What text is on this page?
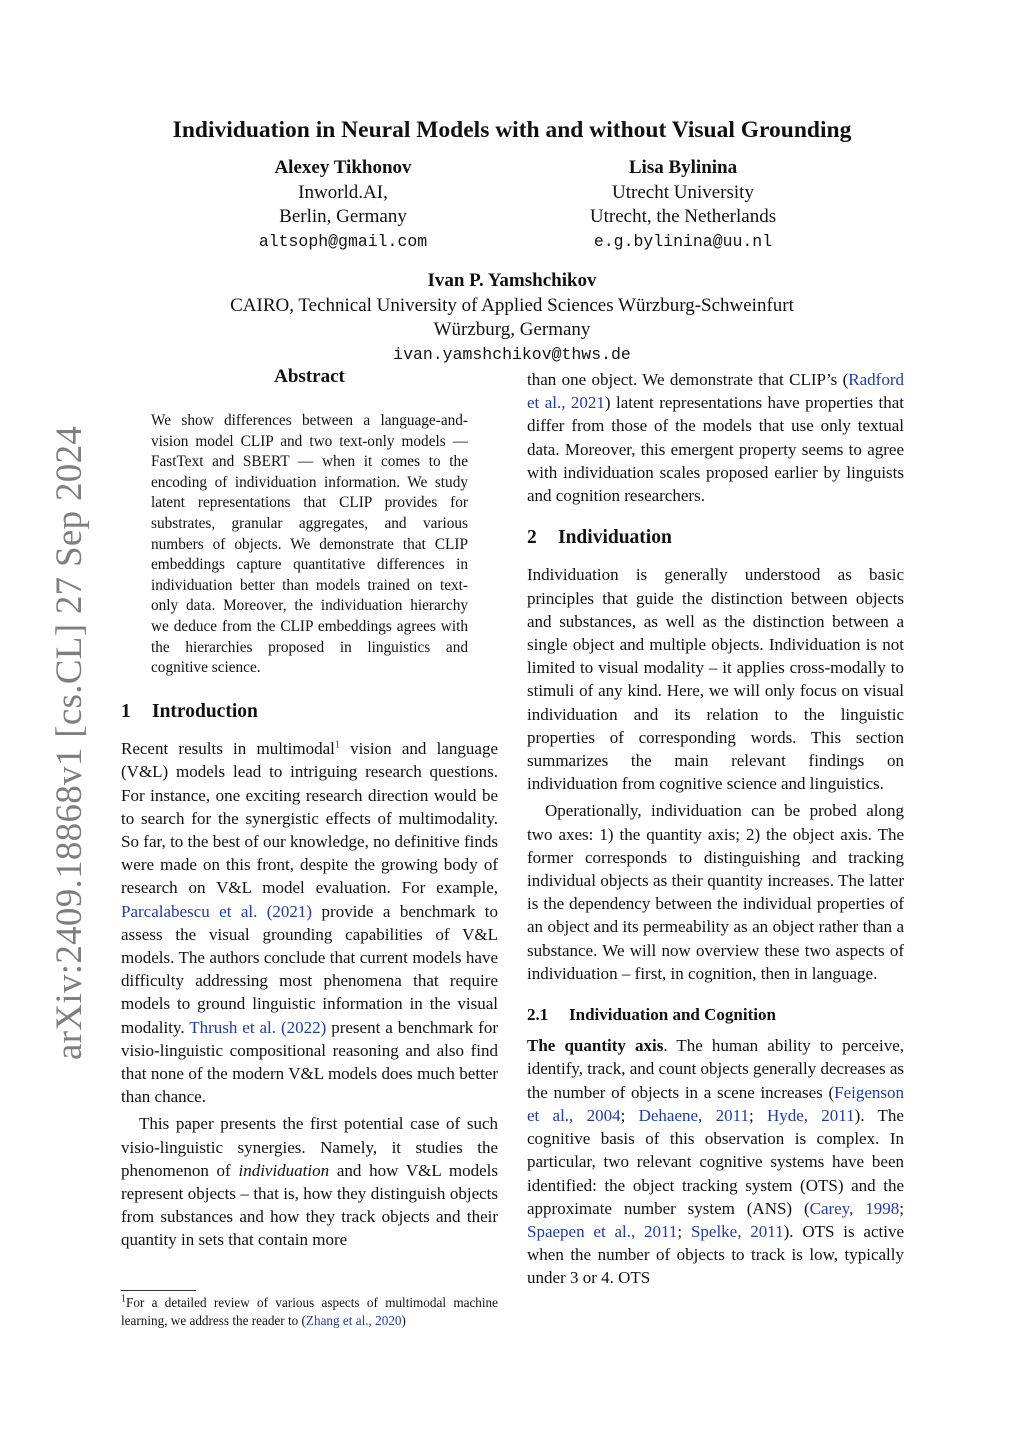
arXiv:2409.18868v1 [cs.CL] 27 Sep 2024
Individuation in Neural Models with and without Visual Grounding
Alexey Tikhonov
Inworld.AI,
Berlin, Germany
altsoph@gmail.com
Lisa Bylinina
Utrecht University
Utrecht, the Netherlands
e.g.bylinina@uu.nl
Ivan P. Yamshchikov
CAIRO, Technical University of Applied Sciences Würzburg-Schweinfurt
Würzburg, Germany
ivan.yamshchikov@thws.de
Abstract
We show differences between a language-and-vision model CLIP and two text-only models — FastText and SBERT — when it comes to the encoding of individuation information. We study latent representations that CLIP provides for substrates, granular aggregates, and various numbers of objects. We demonstrate that CLIP embeddings capture quantitative differences in individuation better than models trained on text-only data. Moreover, the individuation hierarchy we deduce from the CLIP embeddings agrees with the hierarchies proposed in linguistics and cognitive science.
1 Introduction

Recent results in multimodal$^1$ vision and language (V&L) models lead to intriguing research questions. For instance, one exciting research direction would be to search for the synergistic effects of multimodality. So far, to the best of our knowledge, no definitive finds were made on this front, despite the growing body of research on V&L model evaluation. For example, Parcalabescu et al. (2021) provide a benchmark to assess the visual grounding capabilities of V&L models. The authors conclude that current models have difficulty addressing most phenomena that require models to ground linguistic information in the visual modality. Thrush et al. (2022) present a benchmark for visio-linguistic compositional reasoning and also find that none of the modern V&L models does much better than chance.

This paper presents the first potential case of such visio-linguistic synergies. Namely, it studies the phenomenon of individuation and how V&L models represent objects – that is, how they distinguish objects from substances and how they track objects and their quantity in sets that contain more

$^1$For a detailed review of various aspects of multimodal machine learning, we address the reader to (Zhang et al., 2020)

than one object. We demonstrate that CLIP’s (Radford et al., 2021) latent representations have properties that differ from those of the models that use only textual data. Moreover, this emergent property seems to agree with individuation scales proposed earlier by linguists and cognition researchers.

2 Individuation

Individuation is generally understood as basic principles that guide the distinction between objects and substances, as well as the distinction between a single object and multiple objects. Individuation is not limited to visual modality – it applies cross-modally to stimuli of any kind. Here, we will only focus on visual individuation and its relation to the linguistic properties of corresponding words. This section summarizes the main relevant findings on individuation from cognitive science and linguistics.

Operationally, individuation can be probed along two axes: 1) the quantity axis; 2) the object axis. The former corresponds to distinguishing and tracking individual objects as their quantity increases. The latter is the dependency between the individual properties of an object and its permeability as an object rather than a substance. We will now overview these two aspects of individuation – first, in cognition, then in language.

2.1 Individuation and Cognition

The quantity axis. The human ability to perceive, identify, track, and count objects generally decreases as the number of objects in a scene increases (Feigenson et al., 2004; Dehaene, 2011; Hyde, 2011). The cognitive basis of this observation is complex. In particular, two relevant cognitive systems have been identified: the object tracking system (OTS) and the approximate number system (ANS) (Carey, 1998; Spaepen et al., 2011; Spelke, 2011). OTS is active when the number of objects to track is low, typically under 3 or 4. OTS
